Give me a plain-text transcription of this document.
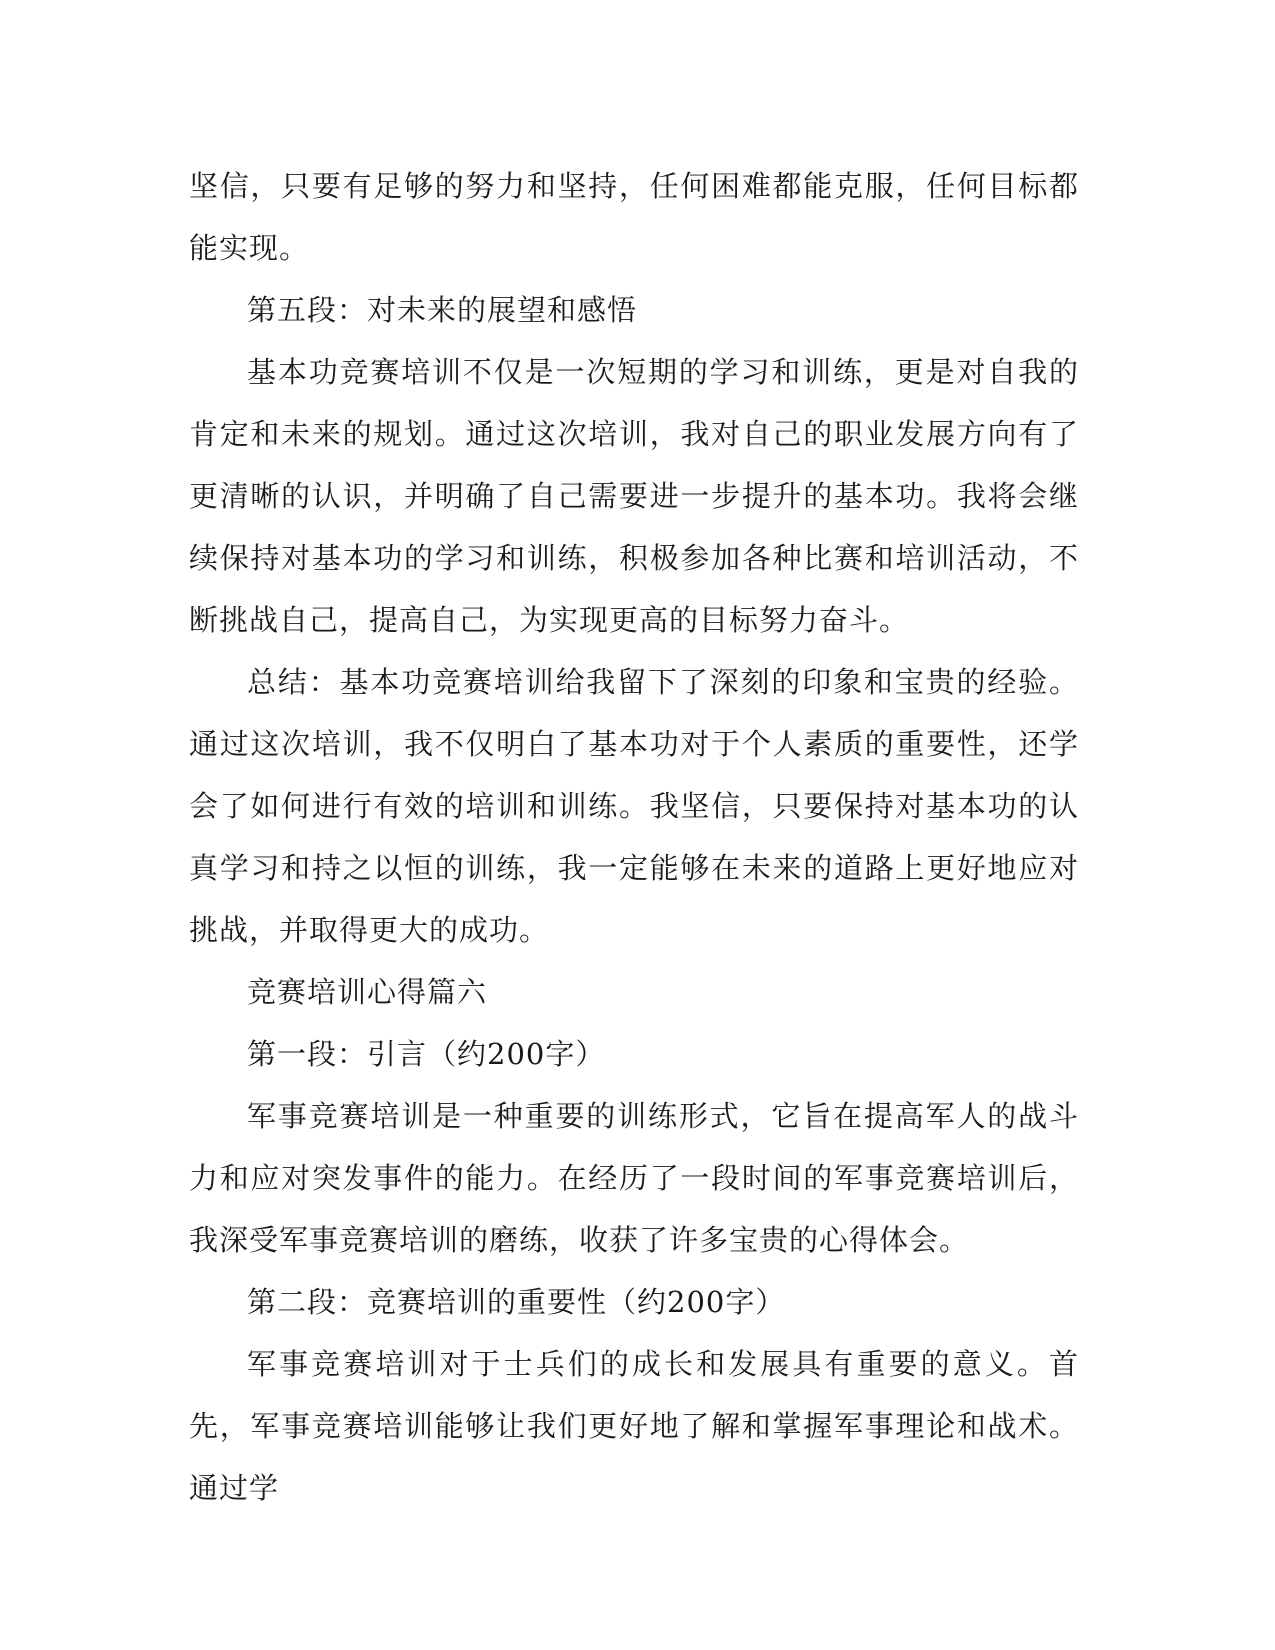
坚信，只要有足够的努力和坚持，任何困难都能克服，任何目标都能实现。

第五段：对未来的展望和感悟

基本功竞赛培训不仅是一次短期的学习和训练，更是对自我的肯定和未来的规划。通过这次培训，我对自己的职业发展方向有了更清晰的认识，并明确了自己需要进一步提升的基本功。我将会继续保持对基本功的学习和训练，积极参加各种比赛和培训活动，不断挑战自己，提高自己，为实现更高的目标努力奋斗。

总结：基本功竞赛培训给我留下了深刻的印象和宝贵的经验。通过这次培训，我不仅明白了基本功对于个人素质的重要性，还学会了如何进行有效的培训和训练。我坚信，只要保持对基本功的认真学习和持之以恒的训练，我一定能够在未来的道路上更好地应对挑战，并取得更大的成功。

竞赛培训心得篇六

第一段：引言（约200字）

军事竞赛培训是一种重要的训练形式，它旨在提高军人的战斗力和应对突发事件的能力。在经历了一段时间的军事竞赛培训后，我深受军事竞赛培训的磨练，收获了许多宝贵的心得体会。

第二段：竞赛培训的重要性（约200字）

军事竞赛培训对于士兵们的成长和发展具有重要的意义。首先，军事竞赛培训能够让我们更好地了解和掌握军事理论和战术。通过学
